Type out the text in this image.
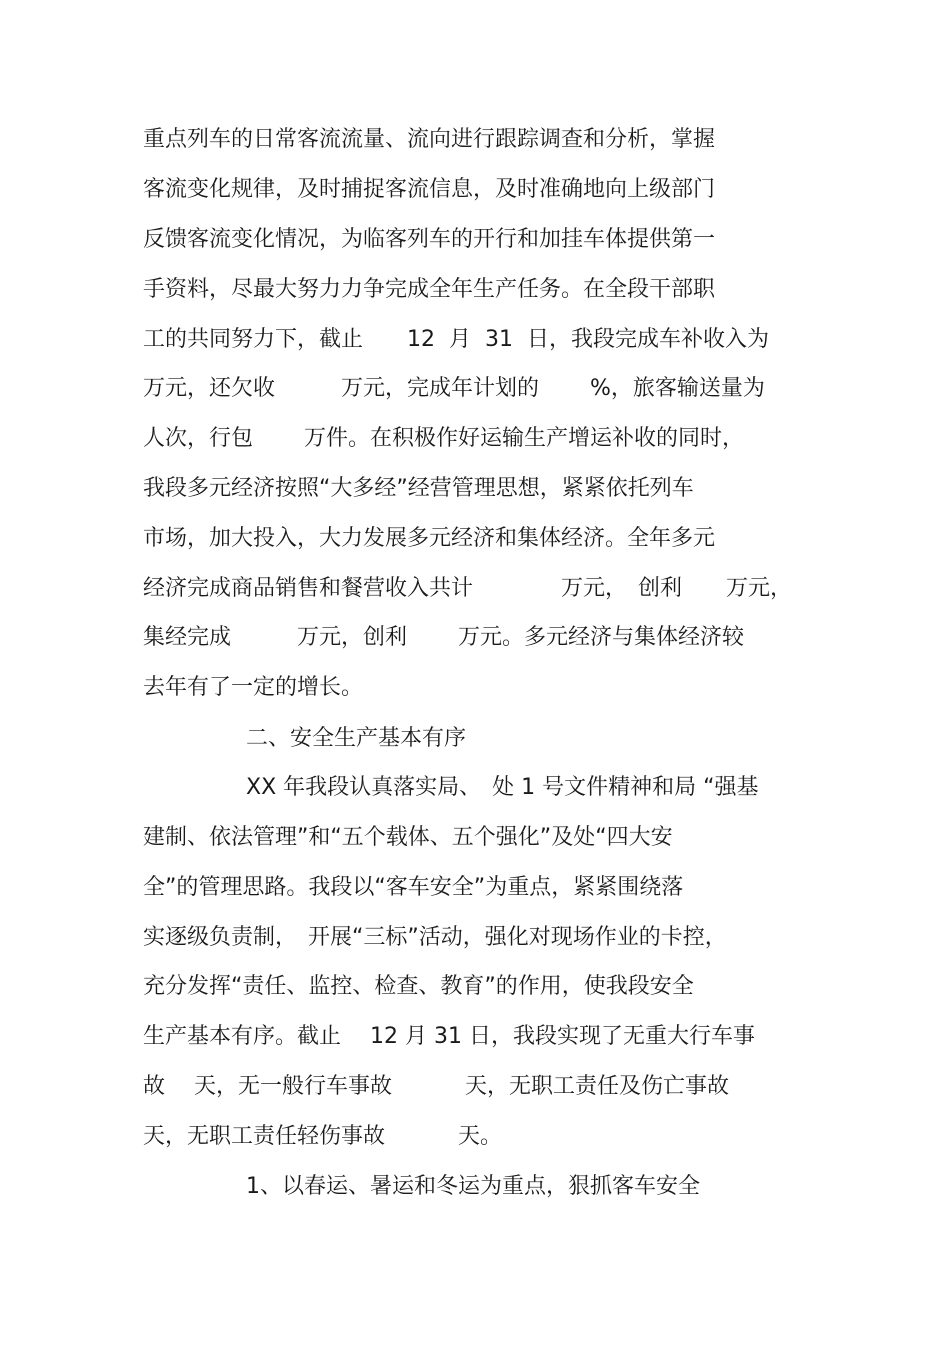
重点列车的日常客流流量、流向进行跟踪调查和分析，掌握
客流变化规律，及时捕捉客流信息，及时准确地向上级部门
反馈客流变化情况，为临客列车的开行和加挂车体提供第一
手资料，尽最大努力力争完成全年生产任务。在全段干部职
工的共同努力下，截止　　12  月  31  日，我段完成车补收入为
万元，还欠收　　　万元，完成年计划的　　 %，旅客输送量为
人次，行包　　 万件。在积极作好运输生产增运补收的同时，
我段多元经济按照“大多经”经营管理思想，紧紧依托列车
市场，加大投入，大力发展多元经济和集体经济。全年多元
经济完成商品销售和餐营收入共计　　　　万元，　创利　　万元，
集经完成　　　万元，创利　　 万元。多元经济与集体经济较
去年有了一定的增长。
二、安全生产基本有序
XX 年我段认真落实局、　处 1 号文件精神和局 “强基
建制、依法管理”和“五个载体、五个强化”及处“四大安
全”的管理思路。我段以“客车安全”为重点，紧紧围绕落
实逐级负责制，　开展“三标”活动，强化对现场作业的卡控，
充分发挥“责任、监控、检查、教育”的作用，使我段安全
生产基本有序。截止　 12 月 31 日，我段实现了无重大行车事
故　 天，无一般行车事故　　　 天，无职工责任及伤亡事故
天，无职工责任轻伤事故　　　 天。
1、以春运、暑运和冬运为重点，狠抓客车安全
